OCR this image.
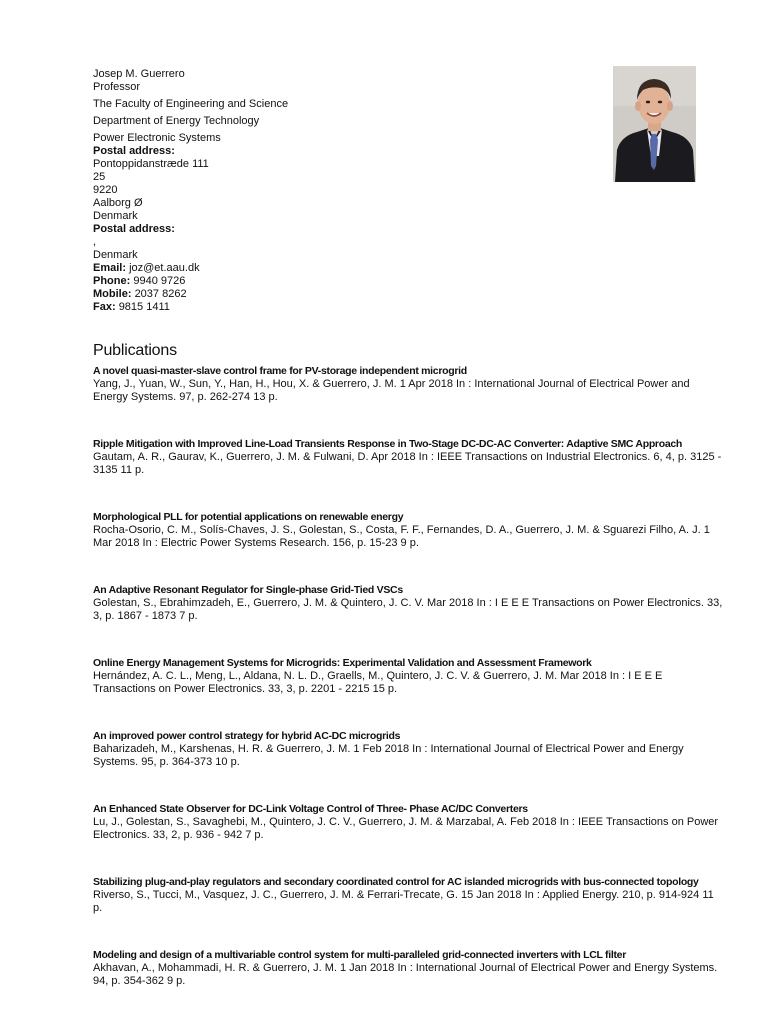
Josep M. Guerrero
Professor
The Faculty of Engineering and Science
Department of Energy Technology
Power Electronic Systems
Postal address:
Pontoppidanstræde 111
25
9220
Aalborg Ø
Denmark
Postal address:
,
Denmark
Email: joz@et.aau.dk
Phone: 9940 9726
Mobile: 2037 8262
Fax: 9815 1411
Publications
A novel quasi-master-slave control frame for PV-storage independent microgrid
Yang, J., Yuan, W., Sun, Y., Han, H., Hou, X. & Guerrero, J. M. 1 Apr 2018 In : International Journal of Electrical Power and Energy Systems. 97, p. 262-274 13 p.
Ripple Mitigation with Improved Line-Load Transients Response in Two-Stage DC-DC-AC Converter: Adaptive SMC Approach
Gautam, A. R., Gaurav, K., Guerrero, J. M. & Fulwani, D. Apr 2018 In : IEEE Transactions on Industrial Electronics. 6, 4, p. 3125 - 3135 11 p.
Morphological PLL for potential applications on renewable energy
Rocha-Osorio, C. M., Solís-Chaves, J. S., Golestan, S., Costa, F. F., Fernandes, D. A., Guerrero, J. M. & Sguarezi Filho, A. J. 1 Mar 2018 In : Electric Power Systems Research. 156, p. 15-23 9 p.
An Adaptive Resonant Regulator for Single-phase Grid-Tied VSCs
Golestan, S., Ebrahimzadeh, E., Guerrero, J. M. & Quintero, J. C. V. Mar 2018 In : I E E E Transactions on Power Electronics. 33, 3, p. 1867 - 1873 7 p.
Online Energy Management Systems for Microgrids: Experimental Validation and Assessment Framework
Hernández, A. C. L., Meng, L., Aldana, N. L. D., Graells, M., Quintero, J. C. V. & Guerrero, J. M. Mar 2018 In : I E E E Transactions on Power Electronics. 33, 3, p. 2201 - 2215 15 p.
An improved power control strategy for hybrid AC-DC microgrids
Baharizadeh, M., Karshenas, H. R. & Guerrero, J. M. 1 Feb 2018 In : International Journal of Electrical Power and Energy Systems. 95, p. 364-373 10 p.
An Enhanced State Observer for DC-Link Voltage Control of Three- Phase AC/DC Converters
Lu, J., Golestan, S., Savaghebi, M., Quintero, J. C. V., Guerrero, J. M. & Marzabal, A. Feb 2018 In : IEEE Transactions on Power Electronics. 33, 2, p. 936 - 942 7 p.
Stabilizing plug-and-play regulators and secondary coordinated control for AC islanded microgrids with bus-connected topology
Riverso, S., Tucci, M., Vasquez, J. C., Guerrero, J. M. & Ferrari-Trecate, G. 15 Jan 2018 In : Applied Energy. 210, p. 914-924 11 p.
Modeling and design of a multivariable control system for multi-paralleled grid-connected inverters with LCL filter
Akhavan, A., Mohammadi, H. R. & Guerrero, J. M. 1 Jan 2018 In : International Journal of Electrical Power and Energy Systems. 94, p. 354-362 9 p.
